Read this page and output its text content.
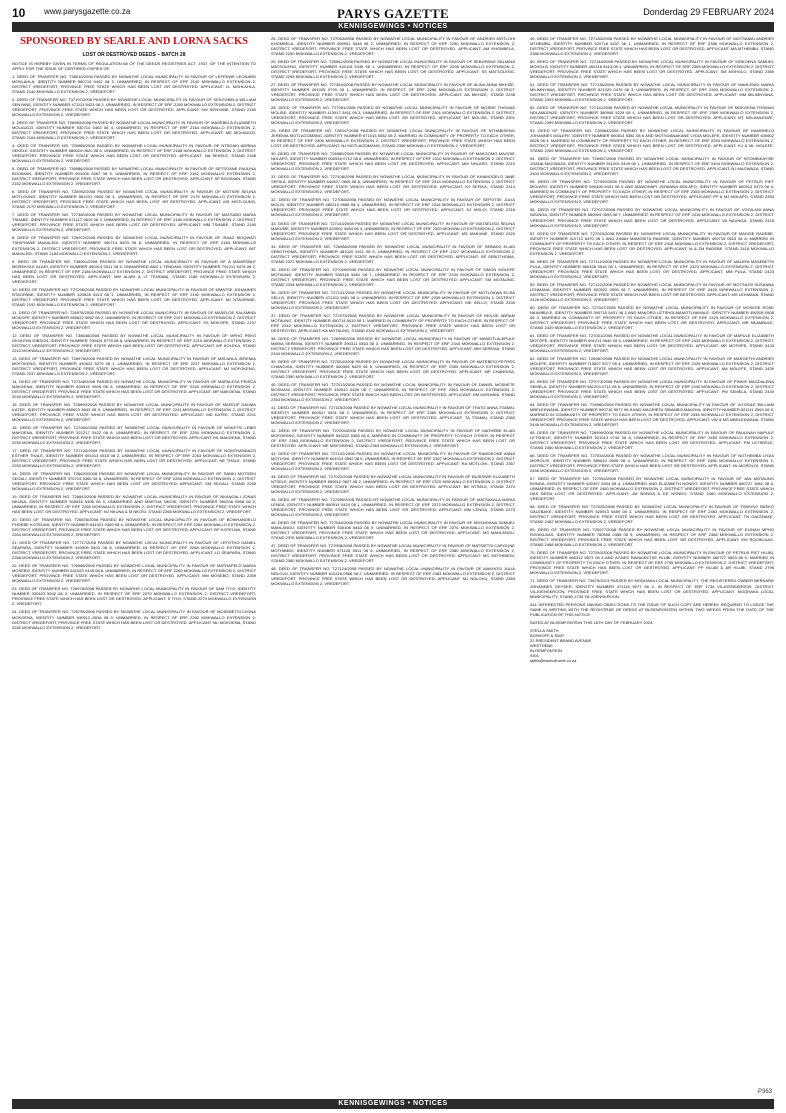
10 www.parysgazette.co.za	PARYS GAZETTE	Donderdag 29 FEBRUARY 2024
KENNISGEWINGS • NOTICES
SPONSORED BY SEARLE AND LORNA SACKS
LOST OR DESTROYED DEEDS – BATCH 28

NOTICE IS HEREBY GIVEN IN TERMS OF REGULATION 68 OF THE DEEDS REGISTRIES ACT, 1937, OF THE INTENTION TO APPLY FOR THE ISSUE OF CERTIFIED COPIES OF:

1. DEED OF TRANSFER NO. T38010/2008 PASSED BY NGWATHE LOCAL MUNICIPALITY IN FAVOUR OF LEFEKWE LEONARD MOHLAHLA, IDENTITY NUMBER 580719 5442 08 3, UNMARRIED, IN RESPECT OF ERF 2140 MOKWALLO EXTENSION 2, DISTRICT VREDEFORT, PROVINCE FREE STATE WHICH HAS BEEN LOST OR DESTROYED. APPLICANT: LL MOHLAHLA, STAND 2140 MOKWALLO EXTENSION 2, VREDEFORT.

2. DEED OF TRANSFER NO. T37197/2008 PASSED BY NGWATHE LOCAL MUNICIPALITY IN FAVOUR OF SEKGOBELA WILLIAM SENYANE, IDENTITY NUMBER 471113 5423 08 3, UNMARRIED, IN RESPECT OF ERF 2150 MOKWALLO EXTENSION 2, DISTRICT VREDEFORT, PROVINCE FREE STATE WHICH HAS BEEN LOST OR DESTROYED. APPLICANT: SW SENYANE, STAND 2150 MOKWALLO EXTENSION 2, VREDEFORT.

3. DEED OF TRANSFER NO. T26983/2008 PASSED BY NGWATHE LOCAL MUNICIPALITY IN FAVOUR OF MASEBELA ELIZABETH MOLAUDZI, IDENTITY NUMBER 530714 0463 08 4, UNMARRIED, IN RESPECT OF ERF 2164 MOKWALLO EXTENSION 2, DISTRICT VREDEFORT, PROVINCE FREE STATE WHICH HAS BEEN LOST OR DESTROYED. APPLICANT: ME MOLAUDZI, STAND 2164 MOKWALLO EXTENSION 2, VREDEFORT.

4. DEED OF TRANSFER NO. T26965/2008 PASSED BY NGWATHE LOCAL MUNICIPALITY IN FAVOUR OF NTSOAKI ADRINA SEKELE, IDENTITY NUMBER 580624 0520 08 6, UNMARRIED, IN RESPECT OF ERF 2168 MOKWALLO EXTENSION 2, DISTRICT VREDEFORT, PROVINCE FREE STATE WHICH HAS BEEN LOST OR DESTROYED. APPLICANT: NA SEKELE, STAND 2168 MOKWALLO EXTENSION 2, VREDEFORT.

5. DEED OF TRANSFER NO. T38986/2008 PASSED BY NGWATHE LOCAL MUNICIPALITY IN FAVOUR OF SETSOANE PAULINA BOOIMAN, IDENTITY NUMBER 601006 0467 08 5, UNMARRIED, IN RESPECT OF ERF 2162 MOKWALLO EXTENSION 2, DISTRICT VREDEFORT, PROVINCE FREE STATE WHICH HAS BEEN LOST OR DESTROYED. APPLICANT: SP BOOIMAN, STAND 2162 MOKWALLO EXTENSION 2, VREDEFORT.

6. DEED OF TRANSFER NO. T26992/2008 PASSED BY NGWATHE LOCAL MUNICIPALITY IN FAVOUR OF MOTSIRI SELINA MOTLOUNG, IDENTITY NUMBER 561201 0526 08 3, UNMARRIED, IN RESPECT OF ERF 2170 MOKWALLO EXTENSION 2, DISTRICT VREDEFORT, PROVINCE FREE STATE WHICH HAS BEEN LOST OR DESTROYED. APPLICANT: MS MOTLOUNG, STAND 2170 MOKWALLO EXTENSION 2, VREDEFORT.

7. DEED OF TRANSFER NO. T27380/2008 PASSED BY NGWATHE LOCAL MUNICIPALITY IN FAVOUR OF MATSABO MARIA TSHABE, IDENTITY NUMBER 671117 0619 08 3, UNMARRIED, IN RESPECT OF ERF 2180 MOKWALLO EXTENSION 2, DISTRICT VREDEFORT, PROVINCE FREE STATE WHICH HAS BEEN LOST OR DESTROYED. APPLICANT: MM TSHABE, STAND 2180 MOKWALLO EXTENSION 2, VREDEFORT.

8. DEED OF TRANSFER NO. T26972/2008 PASSED BY NGWATHE LOCAL MUNICIPALITY IN FAVOUR OF ISAAC MOQWATI TSHIPHANE MAKALEDI, IDENTITY NUMBER 490714 5403 08 8, UNMARRIED, IN RESPECT OF ERF 2184 MOKWALLO EXTENSION 2, DISTRICT VREDEFORT, PROVINCE FREE STATE WHICH HAS BEEN LOST OR DESTROYED. APPLICANT: IMT MAKALEDI, STAND 2184 MOKWALLO EXTENSION 2, VREDEFORT.

9. DEED OF TRANSFER NO. T38901/2008 PASSED BY NGWATHE LOCAL MUNICIPALITY IN FAVOUR OF A MAMPOBLE MOREKOLE ALARI, IDENTITY NUMBER 450414 0411 08 5, UNMARRIED AND L TENDANI, IDENTITY NUMBER 791211 5476 08 2, UNMARRIED, IN RESPECT OF ERF 2186 MOKWALLO EXTENSION 2, DISTRICT VREDEFORT, PROVINCE FREE STATE WHICH HAS BEEN LOST OR DESTROYED. APPLICANT: MM ALARI & LT TENDANI, STAND 2186 MOKWALLO EXTENSION 2, VREDEFORT.

10. DEED OF TRANSFER NO. T27206/2008 PASSED BY NGWATHE LOCAL MUNICIPALITY IN FAVOUR OF MMATSE JOHANNES NTAOPANE, IDENTITY NUMBER 420828 5413 08 1, UNMARRIED, IN RESPECT OF ERF 2192 MOKWALLO EXTENSION 2, DISTRICT VREDEFORT, PROVINCE FREE STATE WHICH HAS BEEN LOST OR DESTROYED. APPLICANT: MJ NTAOPANE, STAND 2192 MOKWALLO EXTENSION 2, VREDEFORT.

11. DEED OF TRANSFER NO. T26976/2008 PASSED BY NGWATHE LOCAL MUNICIPALITY IN FAVOUR OF MASELOE SALAMINA MOKOPE, IDENTITY NUMBER 560622 0652 08 2, UNMARRIED, IN RESPECT OF ERF 2197 MOKWALLO EXTENSION 2, DISTRICT VREDEFORT, PROVINCE FREE STATE WHICH HAS BEEN LOST OR DESTROYED. APPLICANT: SS MOKOPE, STAND 2197 MOKWALLO EXTENSION 2, VREDEFORT.

12. DEED OF TRANSFER NO. T38648/2008 PASSED BY NGWATHE LOCAL MUNICIPALITY IN FAVOUR OF MPHO PEKO OKOLEKA GIBSON, IDENTITY NUMBER 790424 5778 08 6, UNMARRIED, IN RESPECT OF ERF 2210 MOKWALLO EXTENSION 2, DISTRICT VREDEFORT, PROVINCE FREE STATE WHICH HAS BEEN LOST OR DESTROYED. APPLICANT: MP KOLEKA, STAND 2210 MOKWALLO EXTENSION 2, VREDEFORT.

13. DEED OF TRANSFER NO. T26978/2008 PASSED BY NGWATHE LOCAL MUNICIPALITY IN FAVOUR OF MOLAHLA JEREMIA MOFOKENG, IDENTITY NUMBER 440622 5379 08 1, UNMARRIED, IN RESPECT OF ERF 2237 MOKWALLO EXTENSION 2, DISTRICT VREDEFORT, PROVINCE FREE STATE WHICH HAS BEEN LOST OR DESTROYED. APPLICANT: MJ MOFOKENG, STAND 2237 MOKWALLO EXTENSION 2, VREDEFORT.

14. DEED OF TRANSFER NO. T27348/2008 PASSED BY NGWATHE LOCAL MUNICIPALITY IN FAVOUR OF MAPALESA PRISCA MAKOENA, IDENTITY NUMBER 600515 0505 08 8, UNMARRIED, IN RESPECT OF ERF 2240 MOKWALLO EXTENSION 2, DISTRICT VREDEFORT, PROVINCE FREE STATE WHICH HAS BEEN LOST OR DESTROYED. APPLICANT: MP MAKOENA, STAND 2240 MOKWALLO EXTENSION 2, VREDEFORT.

15. DEED OF TRANSFER NO. T28999/2008 PASSED BY NGWATHE LOCAL MUNICIPALITY IN FAVOUR OF MAFEUP DAUMA KATEE, IDENTITY NUMBER 650623 5643 08 9, UNMARRIED, IN RESPECT OF ERF 2241 MOKWALLO EXTENSION 2, DISTRICT VREDEFORT, PROVINCE FREE STATE WHICH HAS BEEN LOST OR DESTROYED. APPLICANT: MD KATEE, STAND 2241 MOKWALLO EXTENSION 2, VREDEFORT.

16. DEED OF TRANSFER NO. T27060/2008 PASSED BY NGWATHE LOCAL MUNICIPALITY IN FAVOUR OF MOKETSI LEBIS MAKOENA, IDENTITY NUMBER 521217 5422 08 8, UNMARRIED, IN RESPECT OF ERF 2250 MOKWALLO EXTENSION 2, DISTRICT VREDEFORT, PROVINCE FREE STATE WHICH HAS BEEN LOST OR DESTROYED. APPLICANT: ML MAKOENA, STAND 2250 MOKWALLO EXTENSION 2, VREDEFORT.

17. DEED OF TRANSFER NO. T27120/2008 PASSED BY NGWATHE LOCAL MUNICIPALITY IN FAVOUR OF NOMTHANDAZO ESTHER THALE, IDENTITY NUMBER 491013 0518 08 2, UNMARRIED, IN RESPECT OF ERF 2253 MOKWALLO EXTENSION 2, DISTRICT VREDEFORT, PROVINCE FREE STATE WHICH HAS BEEN LOST OR DESTROYED. APPLICANT: NE THALE, STAND 2253 MOKWALLO EXTENSION 2, VREDEFORT.

18. DEED OF TRANSFER NO. T26620/2008 PASSED BY NGWATHE LOCAL MUNICIPALITY IN FAVOUR OF SANKI MOTSEKI SEGALI, IDENTITY NUMBER 370714 5366 08 8, UNMARRIED, IN RESPECT OF ERF 2265 MOKWALLO EXTENSION 2, DISTRICT VREDEFORT, PROVINCE FREE STATE WHICH HAS BEEN LOST OR DESTROYED. APPLICANT: SM SEGALI, STAND 2265 MOKWALLO EXTENSION 2, VREDEFORT.

19. DEED OF TRANSFER NO. T26843/2008 PASSED BY NGWATHE LOCAL MUNICIPALITY IN FAVOUR OF NKANGALI JONAS NKUNA, IDENTITY NUMBER 500516 5496 08 9, UNMARRIED AND MARTHA NKOSI, IDENTITY NUMBER 590206 0568 08 2, UNMARRIED, IN RESPECT OF ERF 2268 MOKWALLO EXTENSION 2, DISTRICT VREDEFORT, PROVINCE FREE STATE WHICH HAS BEEN LOST OR DESTROYED. APPLICANT: NJ NKUNA & M NKOSI, STAND 2268 MOKWALLO EXTENSION 2, VREDEFORT.

20. DEED OF TRANSFER NO. T26876/2008 PASSED BY NGWATHE LOCAL MUNICIPALITY IN FAVOUR OF BOIKHANDELO PHOEBE KOTELWA, IDENTITY NUMBER 641021 0369 08 4, UNMARRIED, IN RESPECT OF ERF 2264 MOKWALLO EXTENSION 2, DISTRICT VREDEFORT, PROVINCE FREE STATE WHICH HAS BEEN LOST OR DESTROYED. APPLICANT: BP KOTELWA, STAND 2264 MOKWALLO EXTENSION 2, VREDEFORT.

21. DEED OF TRANSFER NO. T27717/2008 PASSED BY NGWATHE LOCAL MUNICIPALITY IN FAVOUR OF LEFOTHO DANIEL SEAPARA, IDENTITY NUMBER 440906 5403 08 8, UNMARRIED, IN RESPECT OF ERF 2268 MOKWALLO EXTENSION 2, DISTRICT VREDEFORT, PROVINCE FREE STATE WHICH HAS BEEN LOST OR DESTROYED. APPLICANT: LD SEAPARA, STAND 2268 MOKWALLO EXTENSION 2, VREDEFORT.

22. DEED OF TRANSFER NO. T26968/2008 PASSED BY NGWATHE LOCAL MUNICIPALITY IN FAVOUR OF MATHAPELO MARIA MOSEBO, IDENTITY NUMBER 641023 0445 08 6, UNMARRIED, IN RESPECT OF ERF 2269 MOKWALLO EXTENSION 2, DISTRICT VREDEFORT, PROVINCE FREE STATE WHICH HAS BEEN LOST OR DESTROYED. APPLICANT: MM MOSEBO, STAND 2269 MOKWALLO EXTENSION 2, VREDEFORT.

23. DEED OF TRANSFER NO. T26978/2008 PASSED BY NGWATHE LOCAL MUNICIPALITY IN FAVOUR OF SAM TIYO, IDENTITY NUMBER 330423 5542 08 3, UNMARRIED, IN RESPECT OF ERF 2279 MOKWALLO EXTENSION 2, DISTRICT VREDEFORT, PROVINCE FREE STATE WHICH HAS BEEN LOST OR DESTROYED. APPLICANT: S TIYO, STAND 2279 MOKWALLO EXTENSION 2, VREDEFORT.

24. DEED OF TRANSFER NO. T26795/2008 PASSED BY NGWATHE LOCAL MUNICIPALITY IN FAVOUR OF MOSEBETSI LEONA MOKOENA, IDENTITY NUMBER 630512 0534 08 9, UNMARRIED, IN RESPECT OF ERF 2282 MOKWALLO EXTENSION 2, DISTRICT VREDEFORT, PROVINCE FREE STATE WHICH HAS BEEN LOST OR DESTROYED. APPLICANT: ML MOKOENA, STAND 2282 MOKWALLO EXTENSION 2, VREDEFORT.

25. DEED OF TRANSFER NO. T27063/2008 PASSED BY NGWATHE LOCAL MUNICIPALITY IN FAVOUR OF ANDRIES MOTLOHI KHOMBELA, IDENTITY NUMBER 490901 5448 08 2, UNMARRIED, IN RESPECT OF ERF 2290 MOKWALLO EXTENSION 2, DISTRICT VREDEFORT, PROVINCE FREE STATE WHICH HAS BEEN LOST OR DESTROYED. APPLICANT: AM KHOMBELA, STAND 2290 MOKWALLO EXTENSION 2, VREDEFORT.

26. DEED OF TRANSFER NO. T26962/2008 PASSED BY NGWATHE LOCAL MUNICIPALITY IN FAVOUR OF SEBOPANG SALMINA MATSOLENG, IDENTITY NUMBER 440118 0435 08 1, UNMARRIED, IN RESPECT OF ERF 2295 MOKWALLO EXTENSION 2, DISTRICT VREDEFORT, PROVINCE FREE STATE WHICH HAS BEEN LOST OR DESTROYED. APPLICANT: SS MATSOLENG, STAND 2295 MOKWALLO EXTENSION 2, VREDEFORT.

27. DEED OF TRANSFER NO. T27354/2008 PASSED BY NGWATHE LOCAL MUNICIPALITY IN FAVOUR OF ALINA ANNA MKHIZE, IDENTITY NUMBER 491025 0799 08 1, UNMARRIED, IN RESPECT OF ERF 2298 MOKWALLO EXTENSION 2, DISTRICT VREDEFORT, PROVINCE FREE STATE WHICH HAS BEEN LOST OR DESTROYED. APPLICANT: AA MKHIZE, STAND 2298 MOKWALLO EXTENSION 2, VREDEFORT.

28. DEED OF TRANSFER NO. T27051/2008 PASSED BY NGWATHE LOCAL MUNICIPALITY IN FAVOUR OF MOSHE THOMAS MOLISE, IDENTITY NUMBER 410517 5411 08 3, UNMARRIED, IN RESPECT OF ERF 2301 MOKWALLO EXTENSION 2, DISTRICT VREDEFORT, PROVINCE FREE STATE WHICH HAS BEEN LOST OR DESTROYED. APPLICANT: MT MOLISE, STAND 2301 MOKWALLO EXTENSION 2, VREDEFORT.

29. DEED OF TRANSFER NO. T26947/2008 PASSED BY NGWATHE LOCAL MUNICIPALITY IN FAVOUR OF NTHABISENG JEREMIA MOTLAGOMANG, IDENTITY NUMBER 571013 5452 08 2, MARRIED IN COMMUNITY OF PROPERTY TO EACH OTHER, IN RESPECT OF ERF 2306 MOKWALLO EXTENSION 2, DISTRICT VREDEFORT, PROVINCE FREE STATE WHICH HAS BEEN LOST OR DESTROYED. APPLICANT: NJ MOTLAGOMANG, STAND 2306 MOKWALLO EXTENSION 2, VREDEFORT.

30. DEED OF TRANSFER NO. T26980/2008 PASSED BY NGWATHE LOCAL MUNICIPALITY IN FAVOUR OF MAKGOMO MAGGIE NHLAPO, IDENTITY NUMBER 600516 0712 08 8, UNMARRIED, IN RESPECT OF ERF 2310 MOKWALLO EXTENSION 2, DISTRICT VREDEFORT, PROVINCE FREE STATE WHICH HAS BEEN LOST OR DESTROYED. APPLICANT: MM NHLAPO, STAND 2310 MOKWALLO EXTENSION 2, VREDEFORT.

31. DEED OF TRANSFER NO. T27108/2008 PASSED BY NGWATHE LOCAL MUNICIPALITY IN FAVOUR OF KHAMOGELO JANE SEFIKA, IDENTITY NUMBER 640827 0605 08 6, UNMARRIED, IN RESPECT OF ERF 2314 MOKWALLO EXTENSION 2, DISTRICT VREDEFORT, PROVINCE FREE STATE WHICH HAS BEEN LOST OR DESTROYED. APPLICANT: KJ SEFIKA, STAND 2314 MOKWALLO EXTENSION 2, VREDEFORT.

32. DEED OF TRANSFER NO. T27060/2008 PASSED BY NGWATHE LOCAL MUNICIPALITY IN FAVOUR OF SEPOTSE JULIA MOLOI, IDENTITY NUMBER 480210 0565 08 4, UNMARRIED, IN RESPECT OF ERF 2316 MOKWALLO EXTENSION 2, DISTRICT VREDEFORT, PROVINCE FREE STATE WHICH HAS BEEN LOST OR DESTROYED. APPLICANT: SJ MOLOI, STAND 2316 MOKWALLO EXTENSION 2, VREDEFORT.

33. DEED OF TRANSFER NO. T27143/2008 PASSED BY NGWATHE LOCAL MUNICIPALITY IN FAVOUR OF MATSELISO SELINA MAKUME, IDENTITY NUMBER 620902 0654 08 3, UNMARRIED, IN RESPECT OF ERF 2320 MOKWALLO EXTENSION 2, DISTRICT VREDEFORT, PROVINCE FREE STATE WHICH HAS BEEN LOST OR DESTROYED. APPLICANT: MS MAKUME, STAND 2320 MOKWALLO EXTENSION 2, VREDEFORT.

34. DEED OF TRANSFER NO. T26988/2008 PASSED BY NGWATHE LOCAL MUNICIPALITY IN FAVOUR OF SEBAKO ELIAS SEBOTHOMA, IDENTITY NUMBER 481020 5411 08 5, UNMARRIED, IN RESPECT OF ERF 2327 MOKWALLO EXTENSION 2, DISTRICT VREDEFORT, PROVINCE FREE STATE WHICH HAS BEEN LOST OR DESTROYED. APPLICANT: SE SEBOTHOMA, STAND 2327 MOKWALLO EXTENSION 2, VREDEFORT.

35. DEED OF TRANSFER NO. T27009/2008 PASSED BY NGWATHE LOCAL MUNICIPALITY IN FAVOUR OF SIMON MOLEFE MOTAUNG, IDENTITY NUMBER 530316 5461 08 7, UNMARRIED, IN RESPECT OF ERF 2334 MOKWALLO EXTENSION 2, DISTRICT VREDEFORT, PROVINCE FREE STATE WHICH HAS BEEN LOST OR DESTROYED. APPLICANT: SM MOTAUNG, STAND 2334 MOKWALLO EXTENSION 2, VREDEFORT.

36. DEED OF TRANSFER NO. T27131/2008 PASSED BY NGWATHE LOCAL MUNICIPALITY IN FAVOUR OF MOTLOKWA ELISA SELLO, IDENTITY NUMBER 471102 0481 08 4, UNMARRIED, IN RESPECT OF ERF 2339 MOKWALLO EXTENSION 2, DISTRICT VREDEFORT, PROVINCE FREE STATE WHICH HAS BEEN LOST OR DESTROYED. APPLICANT: ME SELLO, STAND 2339 MOKWALLO EXTENSION 2, VREDEFORT.

37. DEED OF TRANSFER NO. T27073/2008 PASSED BY NGWATHE LOCAL MUNICIPALITY IN FAVOUR OF KEILOE ABRAM MOTAUNG, IDENTITY NUMBER 450714 5419 08 1, MARRIED IN COMMUNITY OF PROPERTY TO EACH OTHER, IN RESPECT OF ERF 2342 MOKWALLO EXTENSION 2, DISTRICT VREDEFORT, PROVINCE FREE STATE WHICH HAS BEEN LOST OR DESTROYED. APPLICANT: KA MOTAUNG, STAND 2342 MOKWALLO EXTENSION 2, VREDEFORT.

38. DEED OF TRANSFER NO. T26958/2008 PASSED BY NGWATHE LOCAL MUNICIPALITY IN FAVOUR OF MAMOTLALEPULE MARIA SEREMA, IDENTITY NUMBER 390311 0463 08 3, UNMARRIED, IN RESPECT OF ERF 2344 MOKWALLO EXTENSION 2, DISTRICT VREDEFORT, PROVINCE FREE STATE WHICH HAS BEEN LOST OR DESTROYED. APPLICANT: MM SEREMA, STAND 2344 MOKWALLO EXTENSION 2, VREDEFORT.

39. DEED OF TRANSFER NO. T27054/2008 PASSED BY NGWATHE LOCAL MUNICIPALITY IN FAVOUR OF MATEBESI PETROS CHANGISA, IDENTITY NUMBER 460308 5429 08 5, UNMARRIED, IN RESPECT OF ERF 2350 MOKWALLO EXTENSION 2, DISTRICT VREDEFORT, PROVINCE FREE STATE WHICH HAS BEEN LOST OR DESTROYED. APPLICANT: MP CHANGISA, STAND 2350 MOKWALLO EXTENSION 2, VREDEFORT.

40. DEED OF TRANSFER NO. T27013/2008 PASSED BY NGWATHE LOCAL MUNICIPALITY IN FAVOUR OF DANIEL MOSHETE MOSHANI, IDENTITY NUMBER 440512 5406 08 7, UNMARRIED, IN RESPECT OF ERF 2353 MOKWALLO EXTENSION 2, DISTRICT VREDEFORT, PROVINCE FREE STATE WHICH HAS BEEN LOST OR DESTROYED. APPLICANT: DM MOSHANI, STAND 2353 MOKWALLO EXTENSION 2, VREDEFORT.

41. DEED OF TRANSFER NO. T27115/2008 PASSED BY NGWATHE LOCAL MUNICIPALITY IN FAVOUR OF THATO ANNA TSAMAI, IDENTITY NUMBER 600517 0531 08 2, UNMARRIED, IN RESPECT OF ERF 2360 MOKWALLO EXTENSION 2, DISTRICT VREDEFORT, PROVINCE FREE STATE WHICH HAS BEEN LOST OR DESTROYED. APPLICANT: TA TSAMAI, STAND 2360 MOKWALLO EXTENSION 2, VREDEFORT.

42. DEED OF TRANSFER NO. T27094/2008 PASSED BY NGWATHE LOCAL MUNICIPALITY IN FAVOUR OF MATHEBE ELIAS MOFOKENG, IDENTITY NUMBER 540222 5365 08 6, MARRIED IN COMMUNITY OF PROPERTY TO EACH OTHER, IN RESPECT OF ERF 2363 MOKWALLO EXTENSION 2, DISTRICT VREDEFORT, PROVINCE FREE STATE WHICH HAS BEEN LOST OR DESTROYED. APPLICANT: ME MOFOKENG, STAND 2363 MOKWALLO EXTENSION 2, VREDEFORT.

43. DEED OF TRANSFER NO. T27102/2008 PASSED BY NGWATHE LOCAL MUNICIPALITY IN FAVOUR OF RAMOKONE ANNA MOTLOHI, IDENTITY NUMBER 601014 0592 08 5, UNMARRIED, IN RESPECT OF ERF 2367 MOKWALLO EXTENSION 2, DISTRICT VREDEFORT, PROVINCE FREE STATE WHICH HAS BEEN LOST OR DESTROYED. APPLICANT: RA MOTLOHI, STAND 2367 MOKWALLO EXTENSION 2, VREDEFORT.

44. DEED OF TRANSFER NO. T27022/2008 PASSED BY NGWATHE LOCAL MUNICIPALITY IN FAVOUR OF BUSISIWE ELIZABETH NTSELE, IDENTITY NUMBER 650810 0627 08 2, UNMARRIED, IN RESPECT OF ERF 2370 MOKWALLO EXTENSION 2, DISTRICT VREDEFORT, PROVINCE FREE STATE WHICH HAS BEEN LOST OR DESTROYED. APPLICANT: BE NTSELE, STAND 2370 MOKWALLO EXTENSION 2, VREDEFORT.

45. DEED OF TRANSFER NO. T27056/2008 PASSED BY NGWATHE LOCAL MUNICIPALITY IN FAVOUR OF MATSAKALA MARIA LENGA, IDENTITY NUMBER 580914 0424 08 1, UNMARRIED, IN RESPECT OF ERF 2373 MOKWALLO EXTENSION 2, DISTRICT VREDEFORT, PROVINCE FREE STATE WHICH HAS BEEN LOST OR DESTROYED. APPLICANT: MM LENGA, STAND 2373 MOKWALLO EXTENSION 2, VREDEFORT.

46. DEED OF TRANSFER NO. T27046/2008 PASSED BY NGWATHE LOCAL MUNICIPALITY IN FAVOUR OF MOSHOANA SAMUEL MAHLANGU, IDENTITY NUMBER 530106 5463 08 9, UNMARRIED, IN RESPECT OF ERF 2376 MOKWALLO EXTENSION 2, DISTRICT VREDEFORT, PROVINCE FREE STATE WHICH HAS BEEN LOST OR DESTROYED. APPLICANT: MS MAHLANGU, STAND 2376 MOKWALLO EXTENSION 2, VREDEFORT.

47. DEED OF TRANSFER NO. T27008/2008 PASSED BY NGWATHE LOCAL MUNICIPALITY IN FAVOUR OF MATSIETSI CAROLINE MOTHIBEDI, IDENTITY NUMBER 571126 0511 08 6, UNMARRIED, IN RESPECT OF ERF 2380 MOKWALLO EXTENSION 2, DISTRICT VREDEFORT, PROVINCE FREE STATE WHICH HAS BEEN LOST OR DESTROYED. APPLICANT: MC MOTHIBEDI, STAND 2380 MOKWALLO EXTENSION 2, VREDEFORT.

48. DEED OF TRANSFER NO. T27124/2008 PASSED BY NGWATHE LOCAL MUNICIPALITY IN FAVOUR OF MAKHOSI JULIA NDLOVU, IDENTITY NUMBER 610416 0566 08 2, UNMARRIED, IN RESPECT OF ERF 2383 MOKWALLO EXTENSION 2, DISTRICT VREDEFORT, PROVINCE FREE STATE WHICH HAS BEEN LOST OR DESTROYED. APPLICANT: MJ NDLOVU, STAND 2383 MOKWALLO EXTENSION 2, VREDEFORT.

49. DEED OF TRANSFER NO. T27183/2008 PASSED BY NGWATHE LOCAL MUNICIPALITY IN FAVOUR OF MOTSAMAI ANDRIES MTHEMBU, IDENTITY NUMBER 520718 5437 08 1, UNMARRIED, IN RESPECT OF ERF 2386 MOKWALLO EXTENSION 2, DISTRICT VREDEFORT, PROVINCE FREE STATE WHICH HAS BEEN LOST OR DESTROYED. APPLICANT: MA MTHEMBU, STAND 2386 MOKWALLO EXTENSION 2, VREDEFORT.

50. DEED OF TRANSFER NO. T27148/2008 PASSED BY NGWATHE LOCAL MUNICIPALITY IN FAVOUR OF MOKOENA SAMUEL MOHOLO, IDENTITY NUMBER 450316 5413 08 1, UNMARRIED, IN RESPECT OF ERF 2389 MOKWALLO EXTENSION 2, DISTRICT VREDEFORT, PROVINCE FREE STATE WHICH HAS BEEN LOST OR DESTROYED. APPLICANT: SM MOHOLO, STAND 2389 MOKWALLO EXTENSION 2, VREDEFORT.

51. DEED OF TRANSFER NO. T27136/2008 PASSED BY NGWATHE LOCAL MUNICIPALITY IN FAVOUR OF MAHLENGI MARIA MILIMNYANA, IDENTITY NUMBER 621029 0476 08 3, UNMARRIED, IN RESPECT OF ERF 2393 MOKWALLO EXTENSION 2, DISTRICT VREDEFORT, PROVINCE FREE STATE WHICH HAS BEEN LOST OR DESTROYED. APPLICANT: MM MILIMNYANA, STAND 2393 MOKWALLO EXTENSION 2, VREDEFORT.

52. DEED OF TRANSFER NO. T27111/2008 PASSED BY NGWATHE LOCAL MUNICIPALITY IN FAVOUR OF MOKOENA THOMAS NDLAMLENZE, IDENTITY NUMBER 380908 5229 08 4, UNMARRIED, IN RESPECT OF ERF 2399 MOKWALLO EXTENSION 2, DISTRICT VREDEFORT, PROVINCE FREE STATE WHICH HAS BEEN LOST OR DESTROYED. APPLICANT: MT NDLAMLENZE, STAND 2399 MOKWALLO EXTENSION 2, VREDEFORT.

53. DEED OF TRANSFER NO. T26964/2008 PASSED BY NGWATHE LOCAL MUNICIPALITY IN FAVOUR OF KAMOHELO JOHANNES MOLEFE, IDENTITY NUMBER 600814 5381 08 6 AND MOTSOANAKANE LYDIA MOLEFE, IDENTITY NUMBER 630602 0626 08 4, MARRIED IN COMMUNITY OF PROPERTY TO EACH OTHER, IN RESPECT OF ERF 2253 MOKWALLO EXTENSION 2, DISTRICT VREDEFORT, PROVINCE FREE STATE WHICH HAS BEEN LOST OR DESTROYED. APPLICANT: KJ & ML MOLEFE, STAND 2259 MOKWALLO EXTENSION 2, VREDEFORT.

54. DEED OF TRANSFER NO. T26957/2008 PASSED BY NGWATHE LOCAL MUNICIPALITY IN FAVOUR OF NTOMBIKAYISE JOANA MAGWAZA, IDENTITY NUMBER 511004 0449 08 1, UNMARRIED, IN RESPECT OF ERF 2404 MOKWALLO EXTENSION 2, DISTRICT VREDEFORT, PROVINCE FREE STATE WHICH HAS BEEN LOST OR DESTROYED. APPLICANT: NJ MAGWAZA, STAND 2404 MOKWALLO EXTENSION 2, VREDEFORT.

55. DEED OF TRANSFER NO. T27099/2008 PASSED BY NGWATHE LOCAL MUNICIPALITY IN FAVOUR OF PETRUS PIET MOLAPO, IDENTITY NUMBER 590406 5431 08 5 AND MAMOHAPI JOHANNA MOLAPO, IDENTITY NUMBER 600913 0470 08 4, MARRIED IN COMMUNITY OF PROPERTY TO EACH OTHER, IN RESPECT OF ERF 2353 MOKWALLO EXTENSION 2, DISTRICT VREDEFORT, PROVINCE FREE STATE WHICH HAS BEEN LOST OR DESTROYED. APPLICANT: PP & MJ MOLAPO, STAND 2353 MOKWALLO EXTENSION 2, VREDEFORT.

56. DEED OF TRANSFER NO. T27027/2008 PASSED BY NGWATHE LOCAL MUNICIPALITY IN FAVOUR OF VOGILANI ANNA NZUNGA, IDENTITY NUMBER 560904 0593 08 7, UNMARRIED, IN RESPECT OF ERF 2416 MOKWALLO EXTENSION 2, DISTRICT VREDEFORT, PROVINCE FREE STATE WHICH HAS BEEN LOST OR DESTROYED. APPLICANT: VA NZUNGA, STAND 2416 MOKWALLO EXTENSION 2, VREDEFORT.

57. DEED OF TRANSFER NO. T27020/2008 PASSED BY NGWATHE LOCAL MUNICIPALITY IN FAVOUR OF MADISE RADEBE, IDENTITY NUMBER 410712 5470 08 1 AND ZINAH MAMOSITA RADEBE, IDENTITY NUMBER 490715 0614 08 8, MARRIED IN COMMUNITY OF PROPERTY TO EACH OTHER, IN RESPECT OF ERF 2418 MOKWALLO EXTENSION 2, DISTRICT VREDEFORT, PROVINCE FREE STATE WHICH HAS BEEN LOST OR DESTROYED. APPLICANT: M & ZM RADEBE, STAND 2418 MOKWALLO EXTENSION 2, VREDEFORT.

58. DEED OF TRANSFER NO. T27111/2008 PASSED BY NGWATHE LOCAL MUNICIPALITY IN FAVOUR OF MALEFA MASEBETSI PULA, IDENTITY NUMBER 560328 0518 08 1, UNMARRIED, IN RESPECT OF ERF 2423 MOKWALLO EXTENSION 2, DISTRICT VREDEFORT, PROVINCE FREE STATE WHICH HAS BEEN LOST OR DESTROYED. APPLICANT: MM PULA, STAND 2423 MOKWALLO EXTENSION 2, VREDEFORT.

59. DEED OF TRANSFER NO. T27122/2008 PASSED BY NGWATHE LOCAL MUNICIPALITY IN FAVOUR OF MOTSILISI SUSANNA LEHMANA, IDENTITY NUMBER 520522 0508 08 7, UNMARRIED, IN RESPECT OF ERF 2426 MOKWALLO EXTENSION 2, DISTRICT VREDEFORT, PROVINCE FREE STATE WHICH HAS BEEN LOST OR DESTROYED. APPLICANT: MS LEHMANA, STAND 2426 MOKWALLO EXTENSION 2, VREDEFORT.

60. DEED OF TRANSFER NO. T27047/2008 PASSED BY NGWATHE LOCAL MUNICIPALITY IN FAVOUR OF MOSESE ROSE NKAMBULE, IDENTITY NUMBER 390715 5401 08 2 AND MAKORO LETSHOLMAMOTLHAHALE, IDENTITY NUMBER 450208 0508 08 3, MARRIED IN COMMUNITY OF PROPERTY TO EACH OTHER, IN RESPECT OF ERF 2429 MOKWALLO EXTENSION 2, DISTRICT VREDEFORT, PROVINCE FREE STATE WHICH HAS BEEN LOST OR DESTROYED. APPLICANT: MR NKAMBULE, STAND 2429 MOKWALLO EXTENSION 2, VREDEFORT.

61. DEED OF TRANSFER NO. T27031/2008 PASSED BY NGWATHE LOCAL MUNICIPALITY IN FAVOUR OF MAPULE ELIZABETH MOTOPE, IDENTITY NUMBER 691211 0640 08 6, UNMARRIED, IN RESPECT OF ERF 2433 MOKWALLO EXTENSION 2, DISTRICT VREDEFORT, PROVINCE FREE STATE WHICH HAS BEEN LOST OR DESTROYED. APPLICANT: ME MOTOPE, STAND 2433 MOKWALLO EXTENSION 2, VREDEFORT.

62. DEED OF TRANSFER NO. T26987/2008 PASSED BY NGWATHE LOCAL MUNICIPALITY IN FAVOUR OF MAKGETHI ANDRIES MOLEFE, IDENTITY NUMBER 710827 5377 08 4, UNMARRIED, IN RESPECT OF ERF 2439 MOKWALLO EXTENSION 2, DISTRICT VREDEFORT, PROVINCE FREE STATE WHICH HAS BEEN LOST OR DESTROYED. APPLICANT: MA MOLEFE, STAND 2439 MOKWALLO EXTENSION 2, VREDEFORT.

63. DEED OF TRANSFER NO. T27073/2008 PASSED BY NGWATHE LOCAL MUNICIPALITY IN FAVOUR OF PINKIE MAGDALENA SEMELA, IDENTITY NUMBER 581203 0711 08 5, UNMARRIED, IN RESPECT OF ERF 2440 MOKWALLO EXTENSION 2, DISTRICT VREDEFORT, PROVINCE FREE STATE WHICH HAS BEEN LOST OR DESTROYED. APPLICANT: PM SEMELA, STAND 2440 MOKWALLO EXTENSION 2, VREDEFORT.

64. DEED OF TRANSFER NO. T26960/2008 PASSED BY NGWATHE LOCAL MUNICIPALITY IN FAVOUR OF VUYISILE WILLIAM MBELEKWANA, IDENTITY NUMBER 590716 5577 08 8 AND MAGRIETA SIBAMBO MALEKA, IDENTITY NUMBER 521111 0593 08 5, MARRIED IN COMMUNITY OF PROPERTY TO EACH OTHER, IN RESPECT OF ERF 2446 MOKWALLO EXTENSION 2, DISTRICT VREDEFORT, PROVINCE FREE STATE WHICH HAS BEEN LOST OR DESTROYED. APPLICANT: VW & MS MBELEKWANA, STAND 2446 MOKWALLO EXTENSION 2, VREDEFORT.

65. DEED OF TRANSFER NO. T26996/2008 PASSED BY NGWATHE LOCAL MUNICIPALITY IN FAVOUR OF PAULINAH MAPULE LETSHELE, IDENTITY NUMBER 621013 0744 08 8, UNMARRIED, IN RESPECT OF ERF 2450 MOKWALLO EXTENSION 2, DISTRICT VREDEFORT, PROVINCE FREE STATE WHICH HAS BEEN LOST OR DESTROYED. APPLICANT: PM LETSHELE, STAND 2450 MOKWALLO EXTENSION 2, VREDEFORT.

66. DEED OF TRANSFER NO. T27034/2008 PASSED BY NGWATHE LOCAL MUNICIPALITY IN FAVOUR OF NOTHEMBA LYDIA MOROLOI, IDENTITY NUMBER 580810 0506 08 4, UNMARRIED, IN RESPECT OF ERF 2456 MOKWALLO EXTENSION 2, DISTRICT VREDEFORT, PROVINCE FREE STATE WHICH HAS BEEN LOST OR DESTROYED. APPLICANT: NL MOROLOI, STAND 2456 MOKWALLO EXTENSION 2, VREDEFORT.

67. DEED OF TRANSFER NO. T27054/2008 PASSED BY NGWATHE LOCAL MUNICIPALITY IN FAVOUR OF JAN MOTAUNG BONGA, IDENTITY NUMBER 640307 5404 08 4, UNMARRIED AND ELIZABETH NONDO, IDENTITY NUMBER 680727 1661 08 6, UNMARRIED, IN RESPECT OF ERF 2460 MOKWALLO EXTENSION 2, DISTRICT VREDEFORT, PROVINCE FREE STATE WHICH HAS BEEN LOST OR DESTROYED. APPLICANT: JM BONGA & EE NONDO, STAND 2460 MOKWALLO EXTENSION 2, VREDEFORT.

68. DEED OF TRANSFER NO. T27025/2008 PASSED BY NGWATHE LOCAL MUNICIPALITY IN FAVOUR OF TSEKISO NKEKO GALEBAKE, IDENTITY NUMBER 520913 5459 08 3, UNMARRIED, IN RESPECT OF ERF 2462 MOKWALLO EXTENSION 2, DISTRICT VREDEFORT, PROVINCE FREE STATE WHICH HAS BEEN LOST OR DESTROYED. APPLICANT: TN GALEBAKE, STAND 2462 MOKWALLO EXTENSION 2, VREDEFORT.

69. DEED OF TRANSFER NO. T26977/2008 PASSED BY NGWATHE LOCAL MUNICIPALITY IN FAVOUR OF ELINAH MPHO ROOIKLAAS, IDENTITY NUMBER 780508 0356 08 5, UNMARRIED, IN RESPECT OF ERF 2468 MOKWALLO EXTENSION 2, DISTRICT VREDEFORT, PROVINCE FREE STATE WHICH HAS BEEN LOST OR DESTROYED. APPLICANT: EM ROOIKLAAS, STAND 2468 MOKWALLO EXTENSION 2, VREDEFORT.

70. DEED OF TRANSFER NO. T27040/2008 PASSED BY NGWATHE LOCAL MUNICIPALITY IN FAVOUR OF PETRUS PIET HLUBI, IDENTITY NUMBER 660312 5873 08 8 AND AGNES RAMAIKETSE HLUBI, IDENTITY NUMBER 480727 0803 08 5, MARRIED IN COMMUNITY OF PROPERTY TO EACH OTHER, IN RESPECT OF ERF 2795 MOKWALLO EXTENSION 2, DISTRICT VREDEFORT, PROVINCE FREE STATE WHICH HAS BEEN LOST OR DESTROYED. APPLICANT: PP HLUBI & AR HLUBI, STAND 2795 MOKWALLO EXTENSION 2, VREDEFORT.

71. DEED OF TRANSFER NO. T3679/2013 PASSED BY MOQHAKA LOCAL MUNICIPALITY, THE REGISTERED OWNER BERNARD JOHANNES GEYSER, IDENTITY NUMBER 471116 5077 08 4, IN RESPECT OF ERF 1734 VILJOENSKROON, DISTRICT VILJOENSKROON, PROVINCE FREE STATE WHICH HAS BEEN LOST OR DESTROYED. APPLICANT: MOQHAKA LOCAL MUNICIPALITY, STAND 1734 VILJOENSKROON.

ALL INTERESTED PERSONS HAVING OBJECTIONS TO THE ISSUE OF SUCH COPY ARE HEREBY REQUIRED TO LODGE THE SAME IN WRITING WITH THE REGISTRAR OF DEEDS AT BLOEMFONTEIN WITHIN TWO WEEKS FROM THE DATE OF THE PUBLICATION OF THIS NOTICE.

DATED AT BLOEMFONTEIN THIS 16TH DAY OF FEBRUARY 2024.

STELLA SMITH
BOSHOFF & SMIT
22 PRESIDENT BRAND AVENUE
WESTDENE
BLOEMFONTEIN
9301
stella@boshoff-smit.co.za
P363
KENNISGEWINGS • NOTICES
